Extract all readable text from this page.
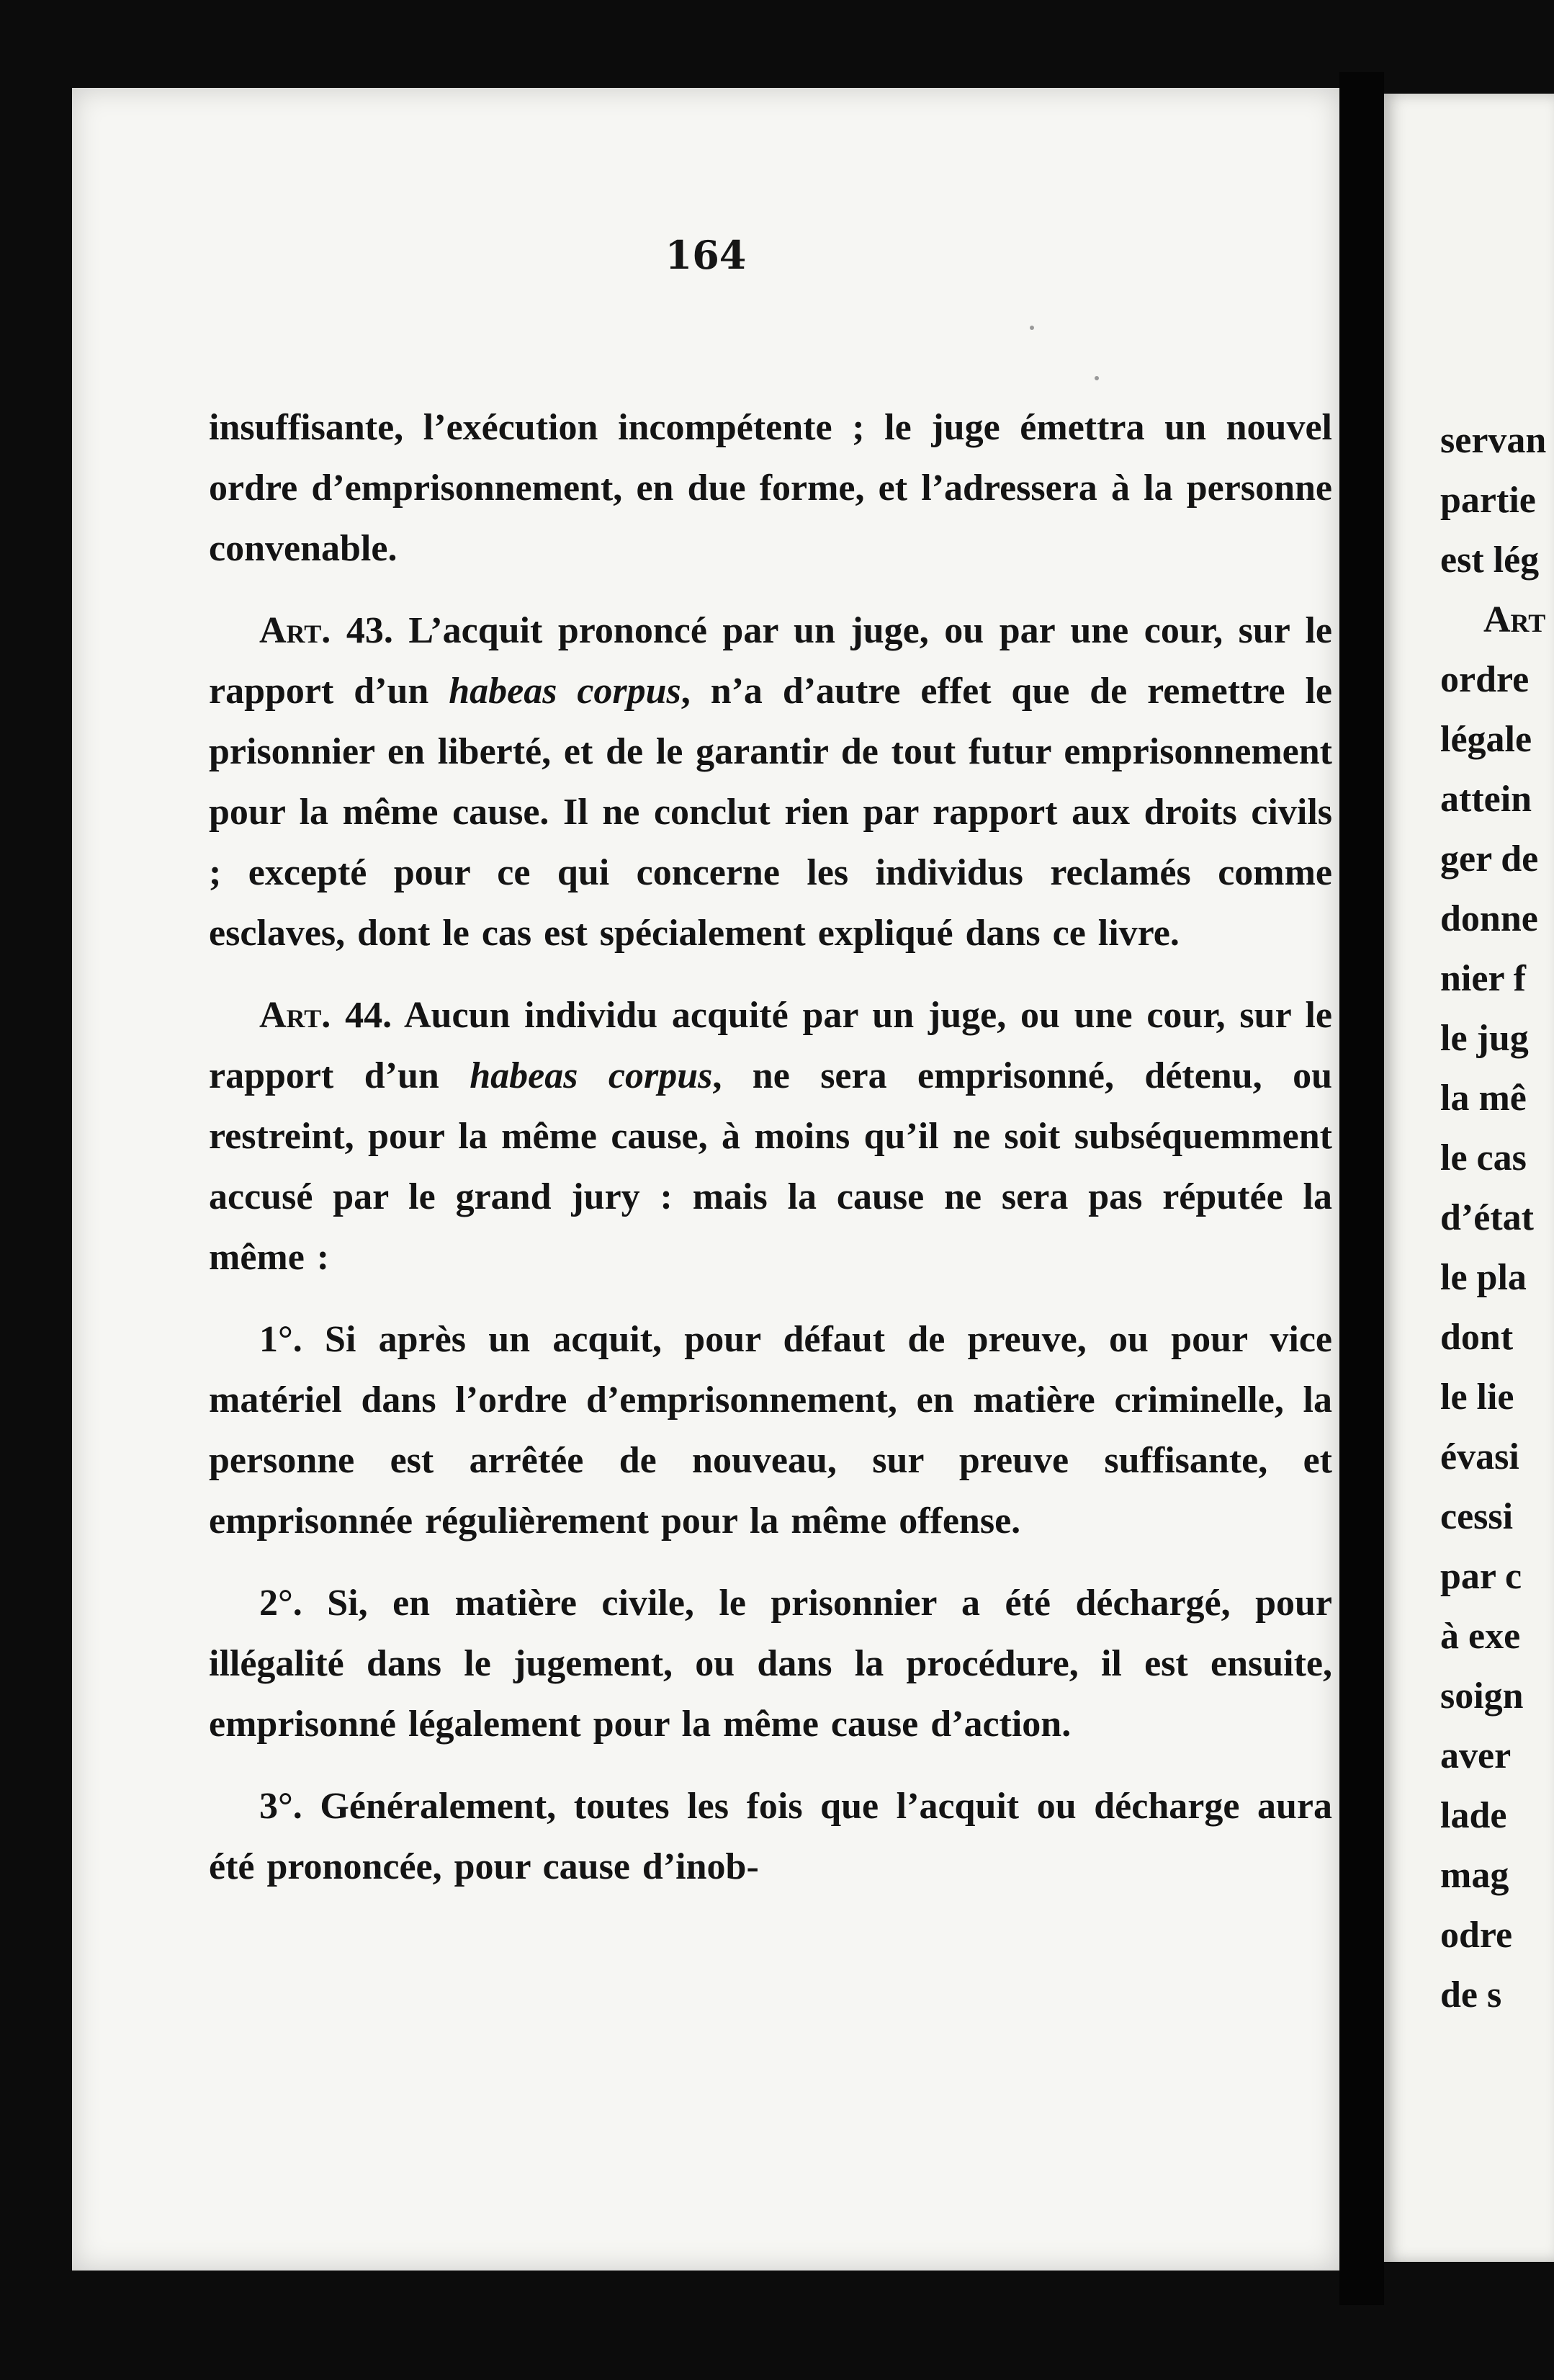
164

insuffisante, l’exécution incompétente ; le juge émettra un nouvel ordre d’emprisonnement, en due forme, et l’adressera à la personne convenable.

Art. 43. L’acquit prononcé par un juge, ou par une cour, sur le rapport d’un habeas corpus, n’a d’autre effet que de remettre le prisonnier en liberté, et de le garantir de tout futur emprisonnement pour la même cause. Il ne conclut rien par rapport aux droits civils ; excepté pour ce qui concerne les individus reclamés comme esclaves, dont le cas est spécialement expliqué dans ce livre.

Art. 44. Aucun individu acquité par un juge, ou une cour, sur le rapport d’un habeas corpus, ne sera emprisonné, détenu, ou restreint, pour la même cause, à moins qu’il ne soit subséquemment accusé par le grand jury : mais la cause ne sera pas réputée la même :

1°. Si après un acquit, pour défaut de preuve, ou pour vice matériel dans l’ordre d’emprisonnement, en matière criminelle, la personne est arrêtée de nouveau, sur preuve suffisante, et emprisonnée régulièrement pour la même offense.

2°. Si, en matière civile, le prisonnier a été déchargé, pour illégalité dans le jugement, ou dans la procédure, il est ensuite, emprisonné légalement pour la même cause d’action.

3°. Généralement, toutes les fois que l’acquit ou décharge aura été prononcée, pour cause d’inob-

servan
partie
est lég
Art
ordre
légale
attein
ger de
donne
nier f
le jug
la mê
le cas
d’état
le pla
dont
le lie
évasi
cessi
par c
à exe
soign
aver
lade
mag
odre
de s
